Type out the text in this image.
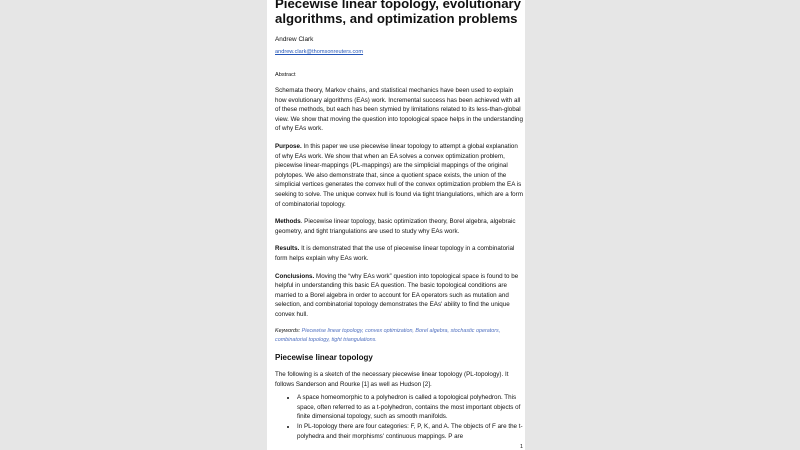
Piecewise linear topology, evolutionary algorithms, and optimization problems
Andrew Clark
andrew.clark@thomsonreuters.com
Abstract

Schemata theory, Markov chains, and statistical mechanics have been used to explain how evolutionary algorithms (EAs) work. Incremental success has been achieved with all of these methods, but each has been stymied by limitations related to its less-than-global view. We show that moving the question into topological space helps in the understanding of why EAs work.

Purpose. In this paper we use piecewise linear topology to attempt a global explanation of why EAs work. We show that when an EA solves a convex optimization problem, piecewise linear-mappings (PL-mappings) are the simplicial mappings of the original polytopes. We also demonstrate that, since a quotient space exists, the union of the simplicial vertices generates the convex hull of the convex optimization problem the EA is seeking to solve. The unique convex hull is found via tight triangulations, which are a form of combinatorial topology.

Methods. Piecewise linear topology, basic optimization theory, Borel algebra, algebraic geometry, and tight triangulations are used to study why EAs work.

Results. It is demonstrated that the use of piecewise linear topology in a combinatorial form helps explain why EAs work.

Conclusions. Moving the “why EAs work” question into topological space is found to be helpful in understanding this basic EA question. The basic topological conditions are married to a Borel algebra in order to account for EA operators such as mutation and selection, and combinatorial topology demonstrates the EAs' ability to find the unique convex hull.

Keywords: Piecewise linear topology, convex optimization, Borel algebra, stochastic operators, combinatorial topology, tight triangulations.
Piecewise linear topology

The following is a sketch of the necessary piecewise linear topology (PL-topology). It follows Sanderson and Rourke [1] as well as Hudson [2].

• A space homeomorphic to a polyhedron is called a topological polyhedron. This space, often referred to as a t-polyhedron, contains the most important objects of finite dimensional topology, such as smooth manifolds.
• In PL-topology there are four categories: F, P, K, and A. The objects of F are the t-polyhedra and their morphisms' continuous mappings. P are
1
